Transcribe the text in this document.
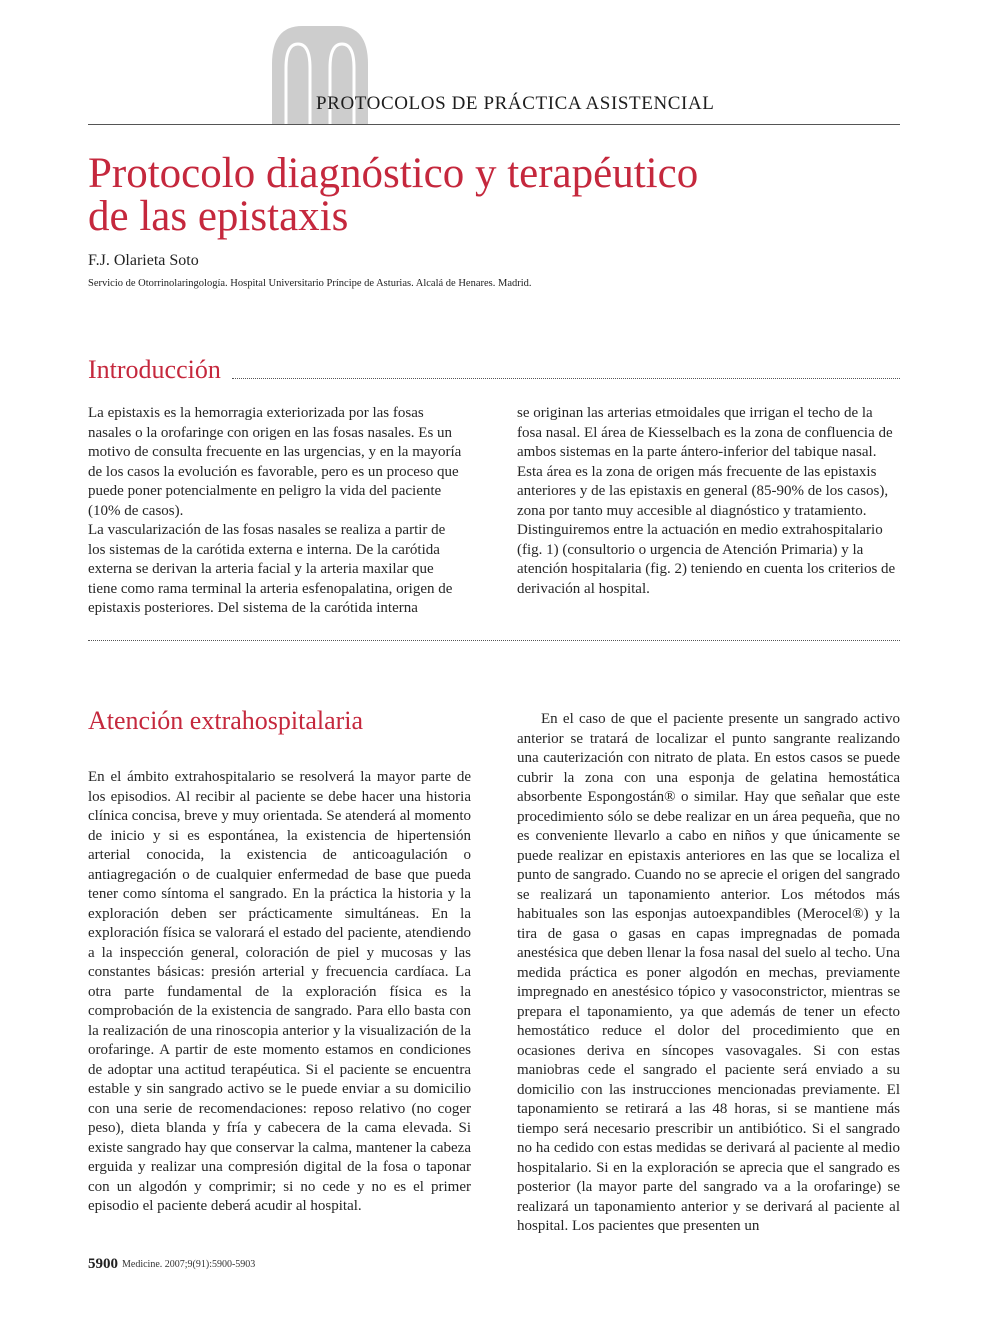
PROTOCOLOS DE PRÁCTICA ASISTENCIAL
Protocolo diagnóstico y terapéutico
de las epistaxis
F.J. Olarieta Soto
Servicio de Otorrinolaringología. Hospital Universitario Príncipe de Asturias. Alcalá de Henares. Madrid.
Introducción

La epistaxis es la hemorragia exteriorizada por las fosas nasales o la orofaringe con origen en las fosas nasales. Es un motivo de consulta frecuente en las urgencias, y en la mayoría de los casos la evolución es favorable, pero es un proceso que puede poner potencialmente en peligro la vida del paciente (10% de casos).

La vascularización de las fosas nasales se realiza a partir de los sistemas de la carótida externa e interna. De la carótida externa se derivan la arteria facial y la arteria maxilar que tiene como rama terminal la arteria esfenopalatina, origen de epistaxis posteriores. Del sistema de la carótida interna

se originan las arterias etmoidales que irrigan el techo de la fosa nasal. El área de Kiesselbach es la zona de confluencia de ambos sistemas en la parte ántero-inferior del tabique nasal. Esta área es la zona de origen más frecuente de las epistaxis anteriores y de las epistaxis en general (85-90% de los casos), zona por tanto muy accesible al diagnóstico y tratamiento.

Distinguiremos entre la actuación en medio extrahospitalario (fig. 1) (consultorio o urgencia de Atención Primaria) y la atención hospitalaria (fig. 2) teniendo en cuenta los criterios de derivación al hospital.

Atención extrahospitalaria

En el ámbito extrahospitalario se resolverá la mayor parte de los episodios. Al recibir al paciente se debe hacer una historia clínica concisa, breve y muy orientada. Se atenderá al momento de inicio y si es espontánea, la existencia de hipertensión arterial conocida, la existencia de anticoagulación o antiagregación o de cualquier enfermedad de base que pueda tener como síntoma el sangrado. En la práctica la historia y la exploración deben ser prácticamente simultáneas. En la exploración física se valorará el estado del paciente, atendiendo a la inspección general, coloración de piel y mucosas y las constantes básicas: presión arterial y frecuencia cardíaca. La otra parte fundamental de la exploración física es la comprobación de la existencia de sangrado. Para ello basta con la realización de una rinoscopia anterior y la visualización de la orofaringe. A partir de este momento estamos en condiciones de adoptar una actitud terapéutica. Si el paciente se encuentra estable y sin sangrado activo se le puede enviar a su domicilio con una serie de recomendaciones: reposo relativo (no coger peso), dieta blanda y fría y cabecera de la cama elevada. Si existe sangrado hay que conservar la calma, mantener la cabeza erguida y realizar una compresión digital de la fosa o taponar con un algodón y comprimir; si no cede y no es el primer episodio el paciente deberá acudir al hospital.

En el caso de que el paciente presente un sangrado activo anterior se tratará de localizar el punto sangrante realizando una cauterización con nitrato de plata. En estos casos se puede cubrir la zona con una esponja de gelatina hemostática absorbente Espongostán® o similar. Hay que señalar que este procedimiento sólo se debe realizar en un área pequeña, que no es conveniente llevarlo a cabo en niños y que únicamente se puede realizar en epistaxis anteriores en las que se localiza el punto de sangrado. Cuando no se aprecie el origen del sangrado se realizará un taponamiento anterior. Los métodos más habituales son las esponjas autoexpandibles (Merocel®) y la tira de gasa o gasas en capas impregnadas de pomada anestésica que deben llenar la fosa nasal del suelo al techo. Una medida práctica es poner algodón en mechas, previamente impregnado en anestésico tópico y vasoconstrictor, mientras se prepara el taponamiento, ya que además de tener un efecto hemostático reduce el dolor del procedimiento que en ocasiones deriva en síncopes vasovagales. Si con estas maniobras cede el sangrado el paciente será enviado a su domicilio con las instrucciones mencionadas previamente. El taponamiento se retirará a las 48 horas, si se mantiene más tiempo será necesario prescribir un antibiótico. Si el sangrado no ha cedido con estas medidas se derivará al paciente al medio hospitalario. Si en la exploración se aprecia que el sangrado es posterior (la mayor parte del sangrado va a la orofaringe) se realizará un taponamiento anterior y se derivará al paciente al hospital. Los pacientes que presenten un

5900 Medicine. 2007;9(91):5900-5903
